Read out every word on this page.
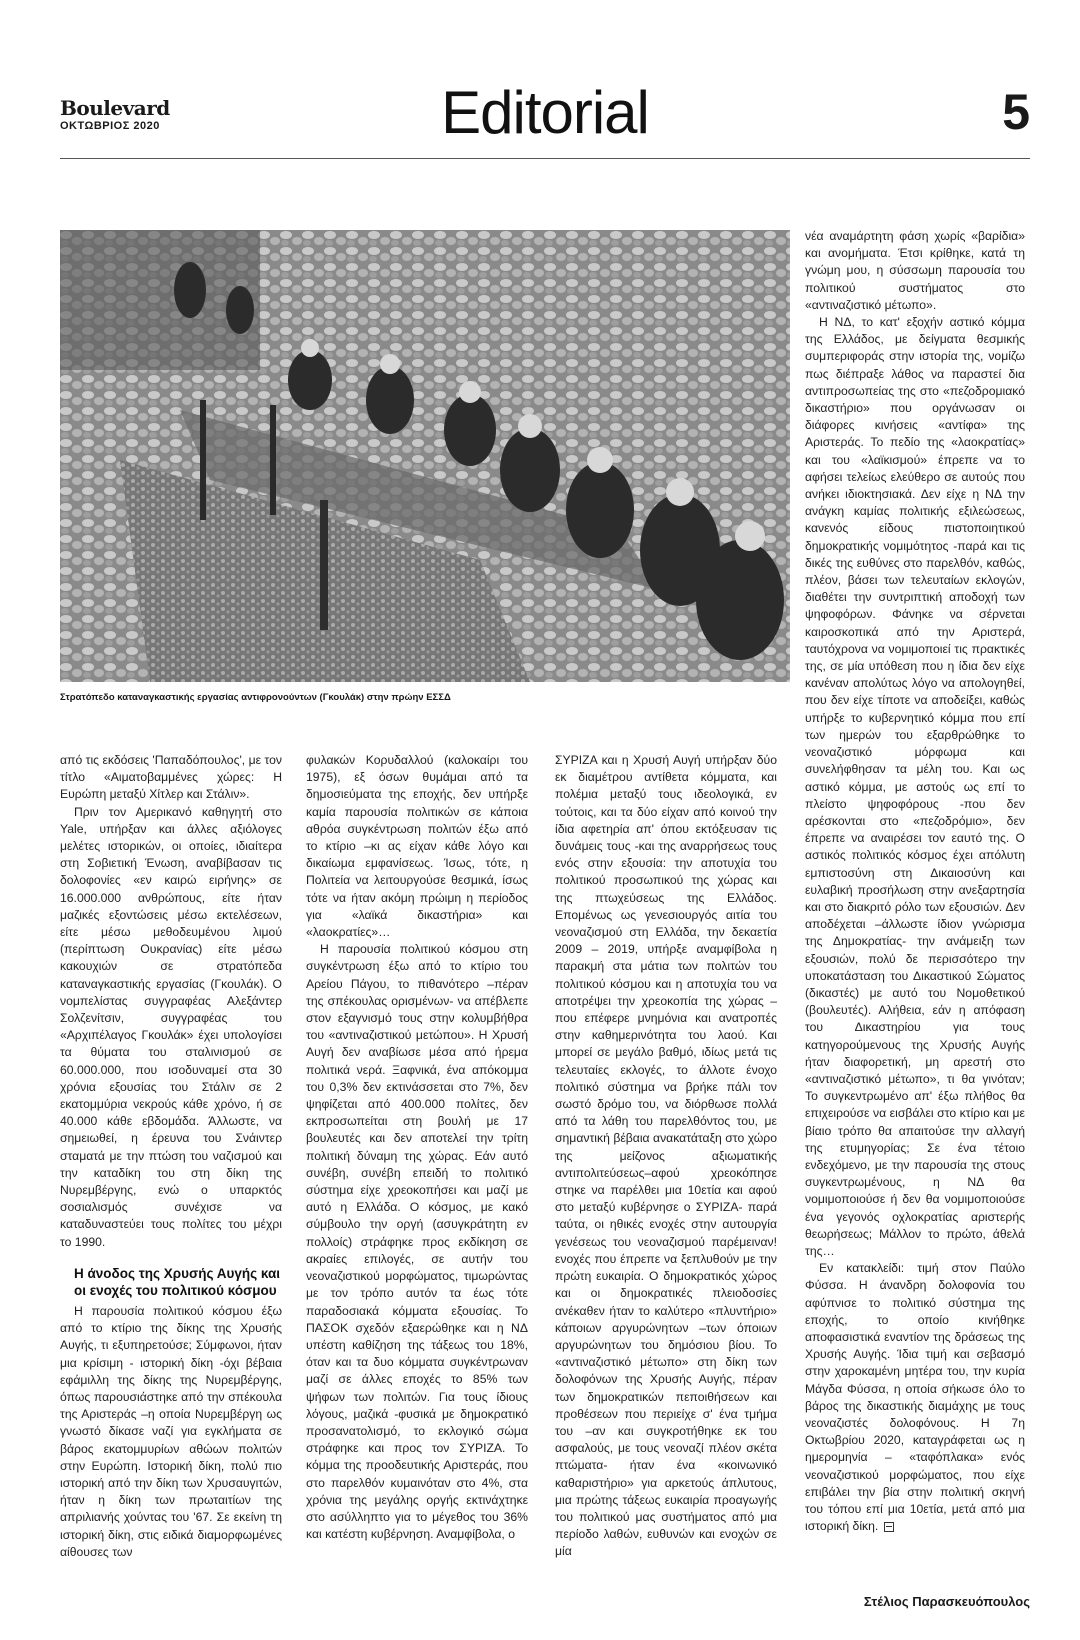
Boulevard
ΟΚΤΩΒΡΙΟΣ 2020	Editorial	5
Στρατόπεδο καταναγκαστικής εργασίας αντιφρονούντων (Γκουλάκ) στην πρώην ΕΣΣΔ

από τις εκδόσεις 'Παπαδόπουλος', με τον τίτλο «Αιματοβαμμένες χώρες: Η Ευρώπη μεταξύ Χίτλερ και Στάλιν».

Πριν τον Αμερικανό καθηγητή στο Yale, υπήρξαν και άλλες αξιόλογες μελέτες ιστορικών, οι οποίες, ιδιαίτερα στη Σοβιετική Ένωση, αναβίβασαν τις δολοφονίες «εν καιρώ ειρήνης» σε 16.000.000 ανθρώπους, είτε ήταν μαζικές εξοντώσεις μέσω εκτελέσεων, είτε μέσω μεθοδευμένου λιμού (περίπτωση Ουκρανίας) είτε μέσω κακουχιών σε στρατόπεδα καταναγκαστικής εργασίας (Γκουλάκ). Ο νομπελίστας συγγραφέας Αλεξάντερ Σολζενίτσιν, συγγραφέας του «Αρχιπέλαγος Γκουλάκ» έχει υπολογίσει τα θύματα του σταλινισμού σε 60.000.000, που ισοδυναμεί στα 30 χρόνια εξουσίας του Στάλιν σε 2 εκατομμύρια νεκρούς κάθε χρόνο, ή σε 40.000 κάθε εβδομάδα. Άλλωστε, να σημειωθεί, η έρευνα του Σνάιντερ σταματά με την πτώση του ναζισμού και την καταδίκη του στη δίκη της Νυρεμβέργης, ενώ ο υπαρκτός σοσιαλισμός συνέχισε να καταδυναστεύει τους πολίτες του μέχρι το 1990.

Η άνοδος της Χρυσής Αυγής και οι ενοχές του πολιτικού κόσμου

Η παρουσία πολιτικού κόσμου έξω από το κτίριο της δίκης της Χρυσής Αυγής, τι εξυπηρετούσε; Σύμφωνοι, ήταν μια κρίσιμη - ιστορική δίκη -όχι βέβαια εφάμιλλη της δίκης της Νυρεμβέργης, όπως παρουσιάστηκε από την σπέκουλα της Αριστεράς –η οποία Νυρεμβέργη ως γνωστό δίκασε ναζί για εγκλήματα σε βάρος εκατομμυρίων αθώων πολιτών στην Ευρώπη. Ιστορική δίκη, πολύ πιο ιστορική από την δίκη των Χρυσαυγιτών, ήταν η δίκη των πρωταιτίων της απριλιανής χούντας του '67. Σε εκείνη τη ιστορική δίκη, στις ειδικά διαμορφωμένες αίθουσες των

φυλακών Κορυδαλλού (καλοκαίρι του 1975), εξ όσων θυμάμαι από τα δημοσιεύματα της εποχής, δεν υπήρξε καμία παρουσία πολιτικών σε κάποια αθρόα συγκέντρωση πολιτών έξω από το κτίριο –κι ας είχαν κάθε λόγο και δικαίωμα εμφανίσεως. Ίσως, τότε, η Πολιτεία να λειτουργούσε θεσμικά, ίσως τότε να ήταν ακόμη πρώιμη η περίοδος για «λαϊκά δικαστήρια» και «λαοκρατίες»…

Η παρουσία πολιτικού κόσμου στη συγκέντρωση έξω από το κτίριο του Αρείου Πάγου, το πιθανότερο –πέραν της σπέκουλας ορισμένων- να απέβλεπε στον εξαγνισμό τους στην κολυμβήθρα του «αντιναζιστικού μετώπου». Η Χρυσή Αυγή δεν αναβίωσε μέσα από ήρεμα πολιτικά νερά. Ξαφνικά, ένα απόκομμα του 0,3% δεν εκτινάσσεται στο 7%, δεν ψηφίζεται από 400.000 πολίτες, δεν εκπροσωπείται στη βουλή με 17 βουλευτές και δεν αποτελεί την τρίτη πολιτική δύναμη της χώρας. Εάν αυτό συνέβη, συνέβη επειδή το πολιτικό σύστημα είχε χρεοκοπήσει και μαζί με αυτό η Ελλάδα. Ο κόσμος, με κακό σύμβουλο την οργή (ασυγκράτητη εν πολλοίς) στράφηκε προς εκδίκηση σε ακραίες επιλογές, σε αυτήν του νεοναζιστικού μορφώματος, τιμωρώντας με τον τρόπο αυτόν τα έως τότε παραδοσιακά κόμματα εξουσίας. Το ΠΑΣΟΚ σχεδόν εξαερώθηκε και η ΝΔ υπέστη καθίζηση της τάξεως του 18%, όταν και τα δυο κόμματα συγκέντρωναν μαζί σε άλλες εποχές το 85% των ψήφων των πολιτών. Για τους ίδιους λόγους, μαζικά -φυσικά με δημοκρατικό προσανατολισμό, το εκλογικό σώμα στράφηκε και προς τον ΣΥΡΙΖΑ. Το κόμμα της προοδευτικής Αριστεράς, που στο παρελθόν κυμαινόταν στο 4%, στα χρόνια της μεγάλης οργής εκτινάχτηκε στο ασύλληπτο για το μέγεθος του 36% και κατέστη κυβέρνηση. Αναμφίβολα, ο

ΣΥΡΙΖΑ και η Χρυσή Αυγή υπήρξαν δύο εκ διαμέτρου αντίθετα κόμματα, και πολέμια μεταξύ τους ιδεολογικά, εν τούτοις, και τα δύο είχαν από κοινού την ίδια αφετηρία απ' όπου εκτόξευσαν τις δυνάμεις τους -και της αναρρήσεως τους ενός στην εξουσία: την αποτυχία του πολιτικού προσωπικού της χώρας και της πτωχεύσεως της Ελλάδος. Επομένως ως γενεσιουργός αιτία του νεοναζισμού στη Ελλάδα, την δεκαετία 2009 – 2019, υπήρξε αναμφίβολα η παρακμή στα μάτια των πολιτών του πολιτικού κόσμου και η αποτυχία του να αποτρέψει την χρεοκοπία της χώρας –που επέφερε μνημόνια και ανατροπές στην καθημερινότητα του λαού. Και μπορεί σε μεγάλο βαθμό, ιδίως μετά τις τελευταίες εκλογές, το άλλοτε ένοχο πολιτικό σύστημα να βρήκε πάλι τον σωστό δρόμο του, να διόρθωσε πολλά από τα λάθη του παρελθόντος του, με σημαντική βέβαια ανακατάταξη στο χώρο της μείζονος αξιωματικής αντιπολιτεύσεως–αφού χρεοκόπησε στηκε να παρέλθει μια 10ετία και αφού στο μεταξύ κυβέρνησε ο ΣΥΡΙΖΑ- παρά ταύτα, οι ηθικές ενοχές στην αυτουργία γενέσεως του νεοναζισμού παρέμειναν! ενοχές που έπρεπε να ξεπλυθούν με την πρώτη ευκαιρία. Ο δημοκρατικός χώρος και οι δημοκρατικές πλειοδοσίες ανέκαθεν ήταν το καλύτερο «πλυντήριο» κάποιων αργυρώνητων –των όποιων αργυρώνητων του δημόσιου βίου. Το «αντιναζιστικό μέτωπο» στη δίκη των δολοφόνων της Χρυσής Αυγής, πέραν των δημοκρατικών πεποιθήσεων και προθέσεων που περιείχε σ' ένα τμήμα του –αν και συγκροτήθηκε εκ του ασφαλούς, με τους νεοναζί πλέον σκέτα πτώματα- ήταν ένα «κοινωνικό καθαριστήριο» για αρκετούς άπλυτους, μια πρώτης τάξεως ευκαιρία προαγωγής του πολιτικού μας συστήματος από μια περίοδο λαθών, ευθυνών και ενοχών σε μία

νέα αναμάρτητη φάση χωρίς «βαρίδια» και ανομήματα. Έτσι κρίθηκε, κατά τη γνώμη μου, η σύσσωμη παρουσία του πολιτικού συστήματος στο «αντιναζιστικό μέτωπο».

Η ΝΔ, το κατ' εξοχήν αστικό κόμμα της Ελλάδος, με δείγματα θεσμικής συμπεριφοράς στην ιστορία της, νομίζω πως διέπραξε λάθος να παραστεί δια αντιπροσωπείας της στο «πεζοδρομιακό δικαστήριο» που οργάνωσαν οι διάφορες κινήσεις «αντίφα» της Αριστεράς. Το πεδίο της «λαοκρατίας» και του «λαϊκισμού» έπρεπε να το αφήσει τελείως ελεύθερο σε αυτούς που ανήκει ιδιοκτησιακά. Δεν είχε η ΝΔ την ανάγκη καμίας πολιτικής εξιλεώσεως, κανενός είδους πιστοποιητικού δημοκρατικής νομιμότητος -παρά και τις δικές της ευθύνες στο παρελθόν, καθώς, πλέον, βάσει των τελευταίων εκλογών, διαθέτει την συντριπτική αποδοχή των ψηφοφόρων. Φάνηκε να σέρνεται καιροσκοπικά από την Αριστερά, ταυτόχρονα να νομιμοποιεί τις πρακτικές της, σε μία υπόθεση που η ίδια δεν είχε κανέναν απολύτως λόγο να απολογηθεί, που δεν είχε τίποτε να αποδείξει, καθώς υπήρξε το κυβερνητικό κόμμα που επί των ημερών του εξαρθρώθηκε το νεοναζιστικό μόρφωμα και συνελήφθησαν τα μέλη του. Και ως αστικό κόμμα, με αστούς ως επί το πλείστο ψηφοφόρους -που δεν αρέσκονται στο «πεζοδρόμιο», δεν έπρεπε να αναιρέσει τον εαυτό της. Ο αστικός πολιτικός κόσμος έχει απόλυτη εμπιστοσύνη στη Δικαιοσύνη και ευλαβική προσήλωση στην ανεξαρτησία και στο διακριτό ρόλο των εξουσιών. Δεν αποδέχεται –άλλωστε ίδιον γνώρισμα της Δημοκρατίας- την ανάμειξη των εξουσιών, πολύ δε περισσότερο την υποκατάσταση του Δικαστικού Σώματος (δικαστές) με αυτό του Νομοθετικού (βουλευτές). Αλήθεια, εάν η απόφαση του Δικαστηρίου για τους κατηγορούμενους της Χρυσής Αυγής ήταν διαφορετική, μη αρεστή στο «αντιναζιστικό μέτωπο», τι θα γινόταν; Το συγκεντρωμένο απ' έξω πλήθος θα επιχειρούσε να εισβάλει στο κτίριο και με βίαιο τρόπο θα απαιτούσε την αλλαγή της ετυμηγορίας; Σε ένα τέτοιο ενδεχόμενο, με την παρουσία της στους συγκεντρωμένους, η ΝΔ θα νομιμοποιούσε ή δεν θα νομιμοποιούσε ένα γεγονός οχλοκρατίας αριστερής θεωρήσεως; Μάλλον το πρώτο, άθελά της…

Εν κατακλείδι: τιμή στον Παύλο Φύσσα. Η άνανδρη δολοφονία του αφύπνισε το πολιτικό σύστημα της εποχής, το οποίο κινήθηκε αποφασιστικά εναντίον της δράσεως της Χρυσής Αυγής. Ίδια τιμή και σεβασμό στην χαροκαμένη μητέρα του, την κυρία Μάγδα Φύσσα, η οποία σήκωσε όλο το βάρος της δικαστικής διαμάχης με τους νεοναζιστές δολοφόνους. Η 7η Οκτωβρίου 2020, καταγράφεται ως η ημερομηνία – «ταφόπλακα» ενός νεοναζιστικού μορφώματος, που είχε επιβάλει την βία στην πολιτική σκηνή του τόπου επί μια 10ετία, μετά από μια ιστορική δίκη.

Στέλιος Παρασκευόπουλος
